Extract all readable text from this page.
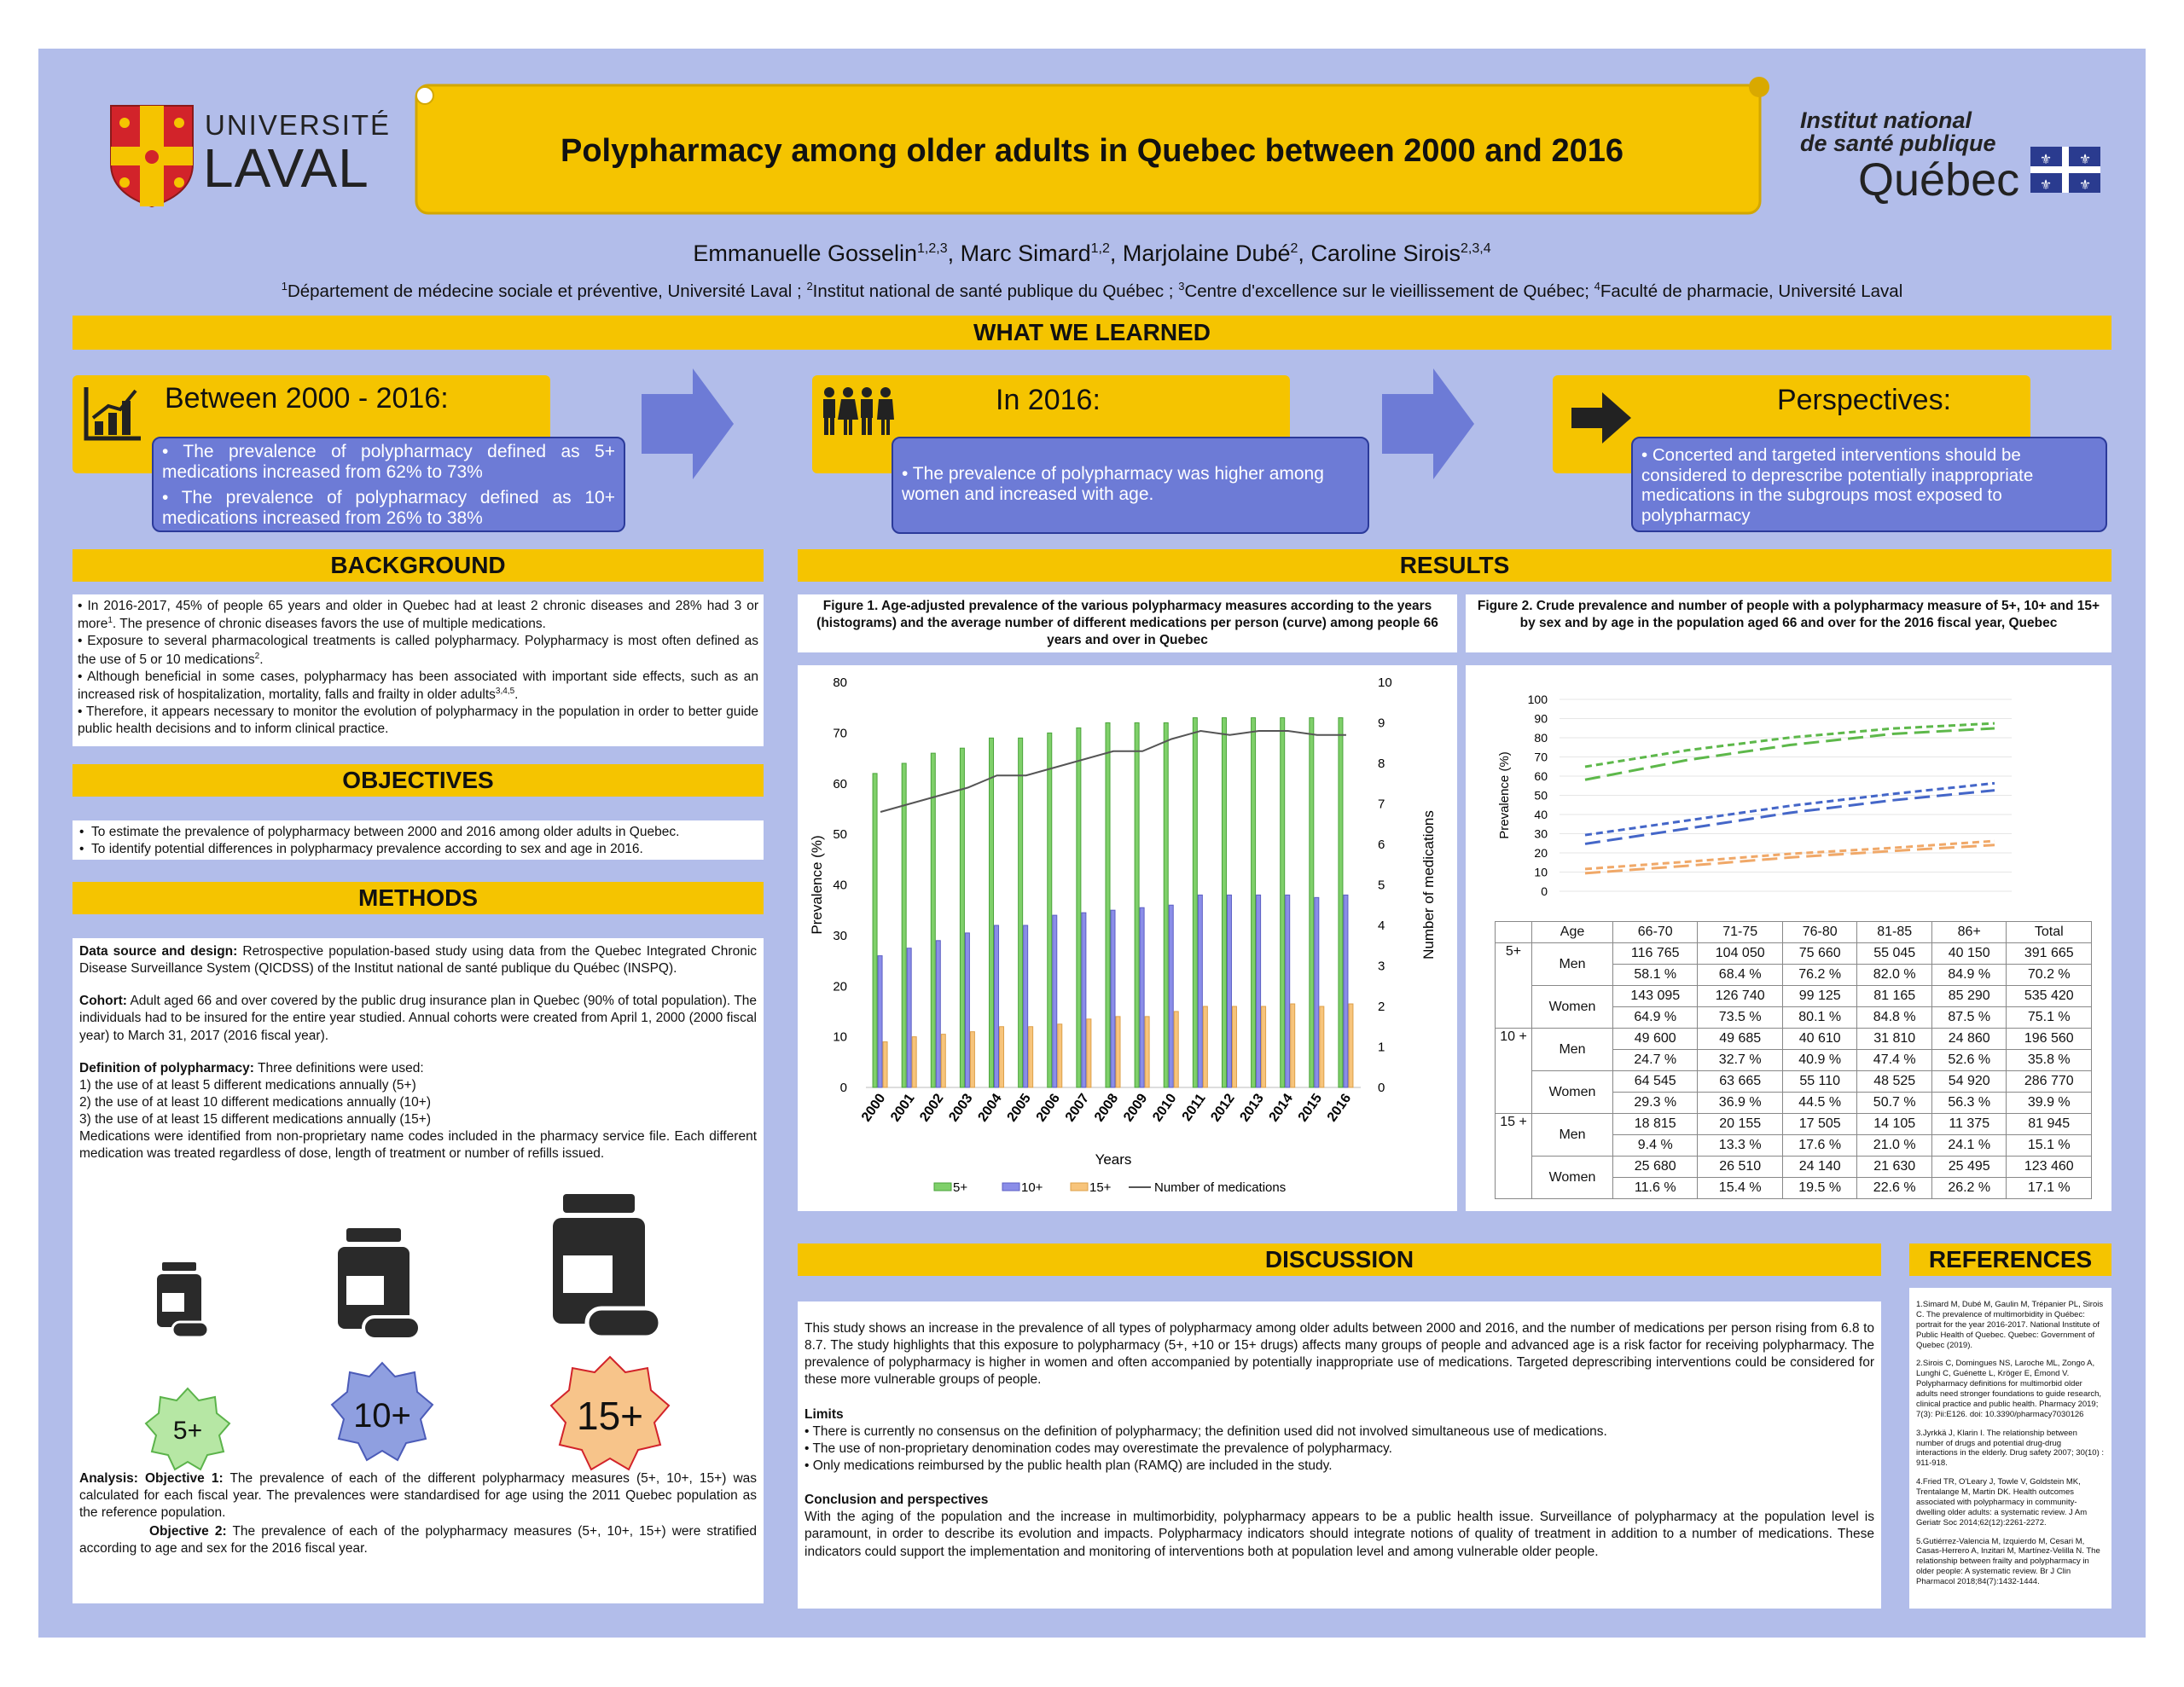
UNIVERSITÉ
LAVAL	Polypharmacy among older adults in Quebec between 2000 and 2016
Institut national
de santé publique
Québec ⚜ ⚜
⚜ ⚜
Emmanuelle Gosselin$^{1,2,3}$, Marc Simard$^{1,2}$, Marjolaine Dubé$^2$, Caroline Sirois$^{2,3,4}$
$^1$Département de médecine sociale et préventive, Université Laval ; $^2$Institut national de santé publique du Québec ; $^3$Centre d'excellence sur le vieillissement de Québec; $^4$Faculté de pharmacie, Université Laval
WHAT WE LEARNED
Between 2000 - 2016:
• The prevalence of polypharmacy defined as 5+ medications increased from 62% to 73%
• The prevalence of polypharmacy defined as 10+ medications increased from 26% to 38%
In 2016:
• The prevalence of polypharmacy was higher among women and increased with age.
Perspectives:
• Concerted and targeted interventions should be considered to deprescribe potentially inappropriate medications in the subgroups most exposed to polypharmacy
BACKGROUND
• In 2016-2017, 45% of people 65 years and older in Quebec had at least 2 chronic diseases and 28% had 3 or more$^1$. The presence of chronic diseases favors the use of multiple medications.
• Exposure to several pharmacological treatments is called polypharmacy. Polypharmacy is most often defined as the use of 5 or 10 medications$^2$.
• Although beneficial in some cases, polypharmacy has been associated with important side effects, such as an increased risk of hospitalization, mortality, falls and frailty in older adults$^{3,4,5}$.
• Therefore, it appears necessary to monitor the evolution of polypharmacy in the population in order to better guide public health decisions and to inform clinical practice.
OBJECTIVES
•  To estimate the prevalence of polypharmacy between 2000 and 2016 among older adults in Quebec.
•  To identify potential differences in polypharmacy prevalence according to sex and age in 2016.
METHODS
Data source and design: Retrospective population-based study using data from the Quebec Integrated Chronic Disease Surveillance System (QICDSS) of the Institut national de santé publique du Québec (INSPQ).
Cohort: Adult aged 66 and over covered by the public drug insurance plan in Quebec (90% of total population). The individuals had to be insured for the entire year studied. Annual cohorts were created from April 1, 2000 (2000 fiscal year) to March 31, 2017 (2016 fiscal year).
Definition of polypharmacy: Three definitions were used:
1) the use of at least 5 different medications annually (5+)
2) the use of at least 10 different medications annually (10+)
3) the use of at least 15 different medications annually (15+)
Medications were identified from non-proprietary name codes included in the pharmacy service file. Each different medication was treated regardless of dose, length of treatment or number of refills issued.
5+	10+	15+
Analysis: Objective 1: The prevalence of each of the different polypharmacy measures (5+, 10+, 15+) was calculated for each fiscal year. The prevalences were standardised for age using the 2011 Quebec population as the reference population.
Objective 2: The prevalence of each of the polypharmacy measures (5+, 10+, 15+) were stratified according to age and sex for the 2016 fiscal year.
RESULTS
Figure 1. Age-adjusted prevalence of the various polypharmacy measures according to the years (histograms) and the average number of different medications per person (curve) among people 66 years and over in Quebec
Figure 2. Crude prevalence and number of people with a polypharmacy measure of 5+, 10+ and 15+ by sex and by age in the population aged 66 and over for the 2016 fiscal year, Quebec
0
10
20
30
40
50
60
70
80
0
1
2
3
4
5
6
7
8
9
10
2000 2001 2002 2003 2004 2005 2006 2007 2008 2009 2010 2011 2012 2013 2014 2015 2016
Years
Prevalence (%)	Number of medications
5+	10+	15+	Number of medications
0
10
20
30
40
50
60
70
80
90
100
Prevalence (%)
	Age	66-70	71-75	76-80	81-85	86+	Total
5+	Men	116 765	104 050	75 660	55 045	40 150	391 665
		58.1 %	68.4 %	76.2 %	82.0 %	84.9 %	70.2 %
	Women	143 095	126 740	99 125	81 165	85 290	535 420
		64.9 %	73.5 %	80.1 %	84.8 %	87.5 %	75.1 %
10 +	Men	49 600	49 685	40 610	31 810	24 860	196 560
		24.7 %	32.7 %	40.9 %	47.4 %	52.6 %	35.8 %
	Women	64 545	63 665	55 110	48 525	54 920	286 770
		29.3 %	36.9 %	44.5 %	50.7 %	56.3 %	39.9 %
15 +	Men	18 815	20 155	17 505	14 105	11 375	81 945
		9.4 %	13.3 %	17.6 %	21.0 %	24.1 %	15.1 %
	Women	25 680	26 510	24 140	21 630	25 495	123 460
		11.6 %	15.4 %	19.5 %	22.6 %	26.2 %	17.1 %
DISCUSSION
This study shows an increase in the prevalence of all types of polypharmacy among older adults between 2000 and 2016, and the number of medications per person rising from 6.8 to 8.7. The study highlights that this exposure to polypharmacy (5+, +10 or 15+ drugs) affects many groups of people and advanced age is a risk factor for receiving polypharmacy. The prevalence of polypharmacy is higher in women and often accompanied by potentially inappropriate use of medications. Targeted deprescribing interventions could be considered for these more vulnerable groups of people.
Limits
• There is currently no consensus on the definition of polypharmacy; the definition used did not involved simultaneous use of medications.
• The use of non-proprietary denomination codes may overestimate the prevalence of polypharmacy.
• Only medications reimbursed by the public health plan (RAMQ) are included in the study.
Conclusion and perspectives
With the aging of the population and the increase in multimorbidity, polypharmacy appears to be a public health issue. Surveillance of polypharmacy at the population level is paramount, in order to describe its evolution and impacts. Polypharmacy indicators should integrate notions of quality of treatment in addition to a number of medications. These indicators could support the implementation and monitoring of interventions both at population level and among vulnerable older people.
REFERENCES

1.Simard M, Dubé M, Gaulin M, Trépanier PL, Sirois C. The prevalence of multimorbidity in Québec: portrait for the year 2016-2017. National Institute of Public Health of Quebec. Quebec: Government of Quebec (2019).

2.Sirois C, Domingues NS, Laroche ML, Zongo A, Lunghi C, Guénette L, Kröger E, Émond V. Polypharmacy definitions for multimorbid older adults need stronger foundations to guide research, clinical practice and public health. Pharmacy 2019; 7(3): Pii:E126. doi: 10.3390/pharmacy7030126

3.Jyrkkä J, Klarin I. The relationship between number of drugs and potential drug-drug interactions in the elderly. Drug safety 2007; 30(10) : 911-918.

4.Fried TR, O'Leary J, Towle V, Goldstein MK, Trentalange M, Martin DK. Health outcomes associated with polypharmacy in community-dwelling older adults: a systematic review. J Am Geriatr Soc 2014;62(12):2261-2272.

5.Gutiérrez-Valencia M, Izquierdo M, Cesari M, Casas-Herrero A, Inzitari M, Martínez-Velilla N. The relationship between frailty and polypharmacy in older people: A systematic review. Br J Clin Pharmacol 2018;84(7):1432-1444.
